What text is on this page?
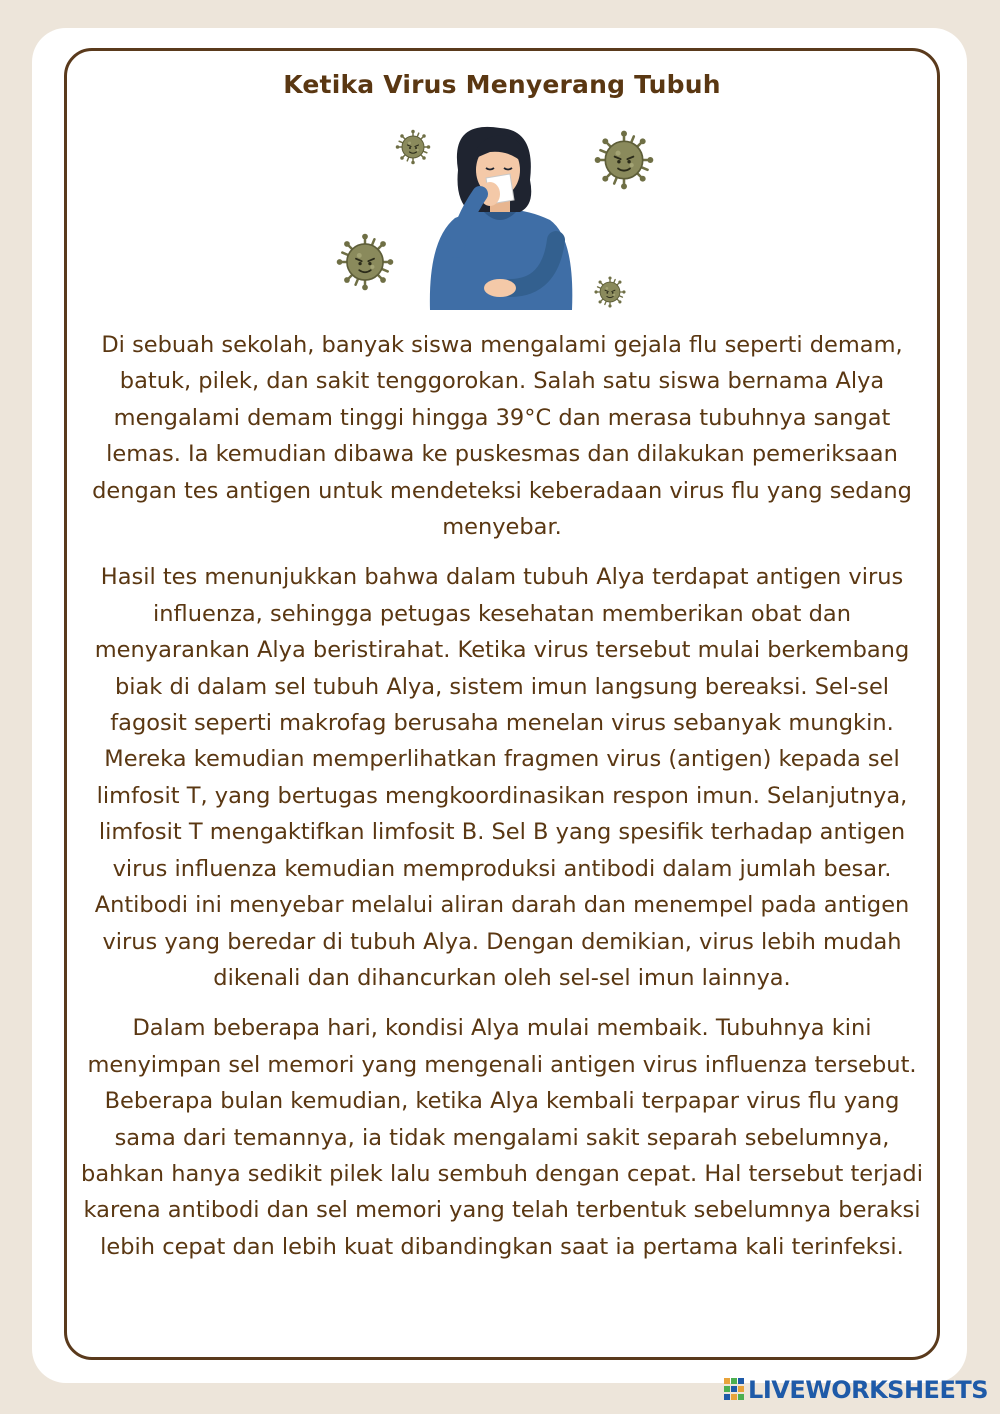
Ketika Virus Menyerang Tubuh

Di sebuah sekolah, banyak siswa mengalami gejala flu seperti demam, batuk, pilek, dan sakit tenggorokan. Salah satu siswa bernama Alya mengalami demam tinggi hingga 39°C dan merasa tubuhnya sangat lemas. Ia kemudian dibawa ke puskesmas dan dilakukan pemeriksaan dengan tes antigen untuk mendeteksi keberadaan virus flu yang sedang menyebar.

Hasil tes menunjukkan bahwa dalam tubuh Alya terdapat antigen virus influenza, sehingga petugas kesehatan memberikan obat dan menyarankan Alya beristirahat. Ketika virus tersebut mulai berkembang biak di dalam sel tubuh Alya, sistem imun langsung bereaksi. Sel-sel fagosit seperti makrofag berusaha menelan virus sebanyak mungkin. Mereka kemudian memperlihatkan fragmen virus (antigen) kepada sel limfosit T, yang bertugas mengkoordinasikan respon imun. Selanjutnya, limfosit T mengaktifkan limfosit B. Sel B yang spesifik terhadap antigen virus influenza kemudian memproduksi antibodi dalam jumlah besar. Antibodi ini menyebar melalui aliran darah dan menempel pada antigen virus yang beredar di tubuh Alya. Dengan demikian, virus lebih mudah dikenali dan dihancurkan oleh sel-sel imun lainnya.

Dalam beberapa hari, kondisi Alya mulai membaik. Tubuhnya kini menyimpan sel memori yang mengenali antigen virus influenza tersebut. Beberapa bulan kemudian, ketika Alya kembali terpapar virus flu yang sama dari temannya, ia tidak mengalami sakit separah sebelumnya, bahkan hanya sedikit pilek lalu sembuh dengan cepat. Hal tersebut terjadi karena antibodi dan sel memori yang telah terbentuk sebelumnya beraksi lebih cepat dan lebih kuat dibandingkan saat ia pertama kali terinfeksi.

LIVEWORKSHEETS
